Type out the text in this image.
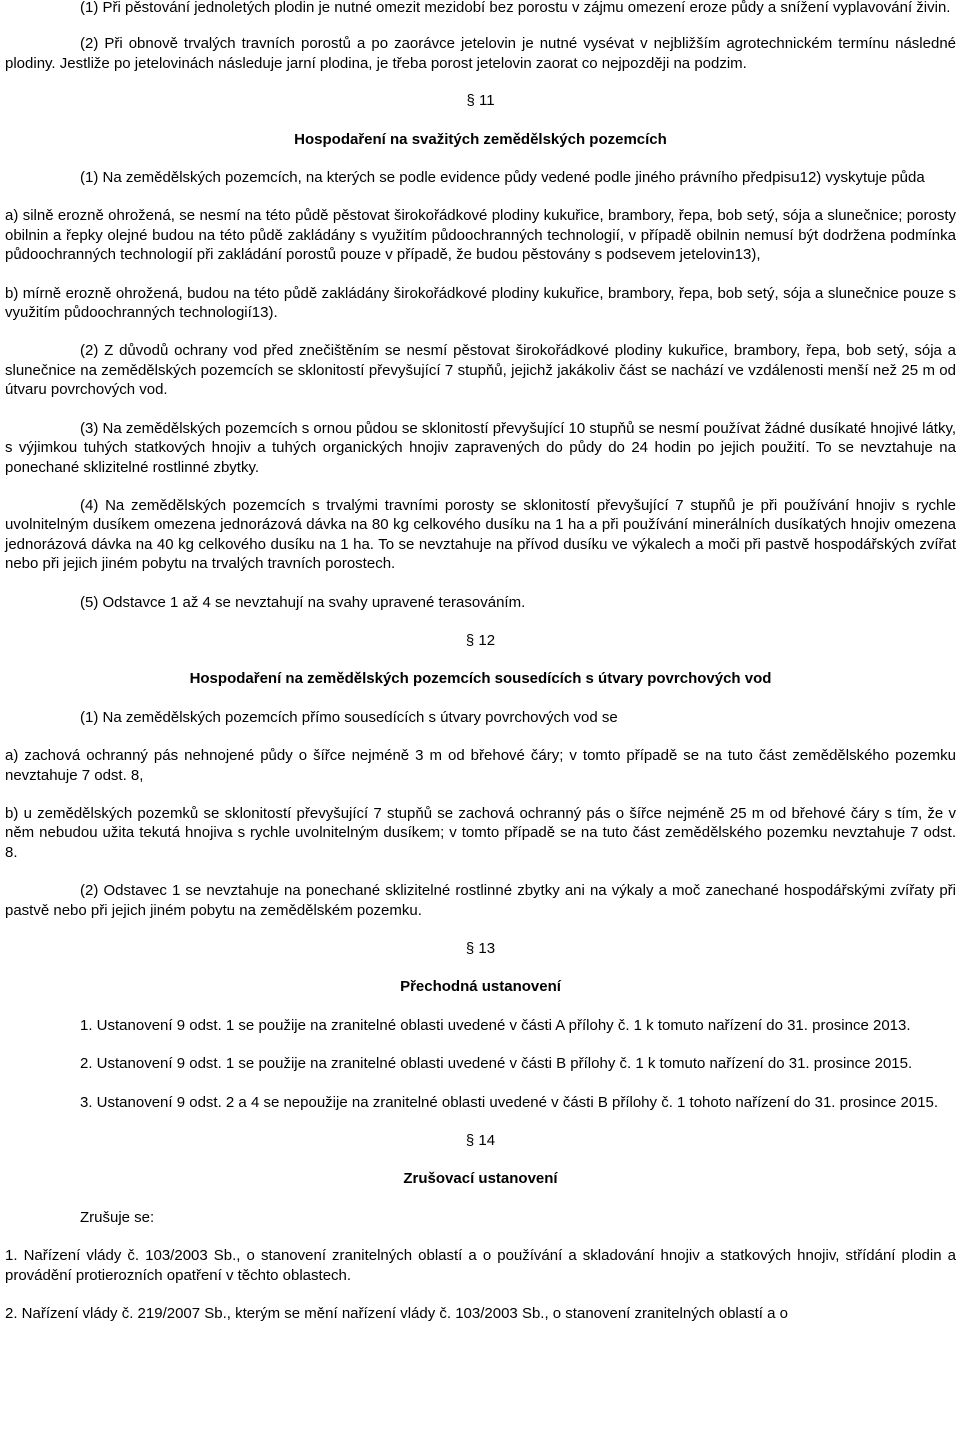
(1) Při pěstování jednoletých plodin je nutné omezit mezidobí bez porostu v zájmu omezení eroze půdy a snížení vyplavování živin.

(2) Při obnově trvalých travních porostů a po zaorávce jetelovin je nutné vysévat v nejbližším agrotechnickém termínu následné plodiny. Jestliže po jetelovinách následuje jarní plodina, je třeba porost jetelovin zaorat co nejpozději na podzim.

§ 11

Hospodaření na svažitých zemědělských pozemcích

(1) Na zemědělských pozemcích, na kterých se podle evidence půdy vedené podle jiného právního předpisu12) vyskytuje půda

a) silně erozně ohrožená, se nesmí na této půdě pěstovat širokořádkové plodiny kukuřice, brambory, řepa, bob setý, sója a slunečnice; porosty obilnin a řepky olejné budou na této půdě zakládány s využitím půdoochranných technologií, v případě obilnin nemusí být dodržena podmínka půdoochranných technologií při zakládání porostů pouze v případě, že budou pěstovány s podsevem jetelovin13),

b) mírně erozně ohrožená, budou na této půdě zakládány širokořádkové plodiny kukuřice, brambory, řepa, bob setý, sója a slunečnice pouze s využitím půdoochranných technologií13).

(2) Z důvodů ochrany vod před znečištěním se nesmí pěstovat širokořádkové plodiny kukuřice, brambory, řepa, bob setý, sója a slunečnice na zemědělských pozemcích se sklonitostí převyšující 7 stupňů, jejichž jakákoliv část se nachází ve vzdálenosti menší než 25 m od útvaru povrchových vod.

(3) Na zemědělských pozemcích s ornou půdou se sklonitostí převyšující 10 stupňů se nesmí používat žádné dusíkaté hnojivé látky, s výjimkou tuhých statkových hnojiv a tuhých organických hnojiv zapravených do půdy do 24 hodin po jejich použití. To se nevztahuje na ponechané sklizitelné rostlinné zbytky.

(4) Na zemědělských pozemcích s trvalými travními porosty se sklonitostí převyšující 7 stupňů je při používání hnojiv s rychle uvolnitelným dusíkem omezena jednorázová dávka na 80 kg celkového dusíku na 1 ha a při používání minerálních dusíkatých hnojiv omezena jednorázová dávka na 40 kg celkového dusíku na 1 ha. To se nevztahuje na přívod dusíku ve výkalech a moči při pastvě hospodářských zvířat nebo při jejich jiném pobytu na trvalých travních porostech.

(5) Odstavce 1 až 4 se nevztahují na svahy upravené terasováním.

§ 12

Hospodaření na zemědělských pozemcích sousedících s útvary povrchových vod

(1) Na zemědělských pozemcích přímo sousedících s útvary povrchových vod se

a) zachová ochranný pás nehnojené půdy o šířce nejméně 3 m od břehové čáry; v tomto případě se na tuto část zemědělského pozemku nevztahuje 7 odst. 8,

b) u zemědělských pozemků se sklonitostí převyšující 7 stupňů se zachová ochranný pás o šířce nejméně 25 m od břehové čáry s tím, že v něm nebudou užita tekutá hnojiva s rychle uvolnitelným dusíkem; v tomto případě se na tuto část zemědělského pozemku nevztahuje 7 odst. 8.

(2) Odstavec 1 se nevztahuje na ponechané sklizitelné rostlinné zbytky ani na výkaly a moč zanechané hospodářskými zvířaty při pastvě nebo při jejich jiném pobytu na zemědělském pozemku.

§ 13

Přechodná ustanovení

1. Ustanovení 9 odst. 1 se použije na zranitelné oblasti uvedené v části A přílohy č. 1 k tomuto nařízení do 31. prosince 2013.

2. Ustanovení 9 odst. 1 se použije na zranitelné oblasti uvedené v části B přílohy č. 1 k tomuto nařízení do 31. prosince 2015.

3. Ustanovení 9 odst. 2 a 4 se nepoužije na zranitelné oblasti uvedené v části B přílohy č. 1 tohoto nařízení do 31. prosince 2015.

§ 14

Zrušovací ustanovení

Zrušuje se:

1. Nařízení vlády č. 103/2003 Sb., o stanovení zranitelných oblastí a o používání a skladování hnojiv a statkových hnojiv, střídání plodin a provádění protierozních opatření v těchto oblastech.

2. Nařízení vlády č. 219/2007 Sb., kterým se mění nařízení vlády č. 103/2003 Sb., o stanovení zranitelných oblastí a o
